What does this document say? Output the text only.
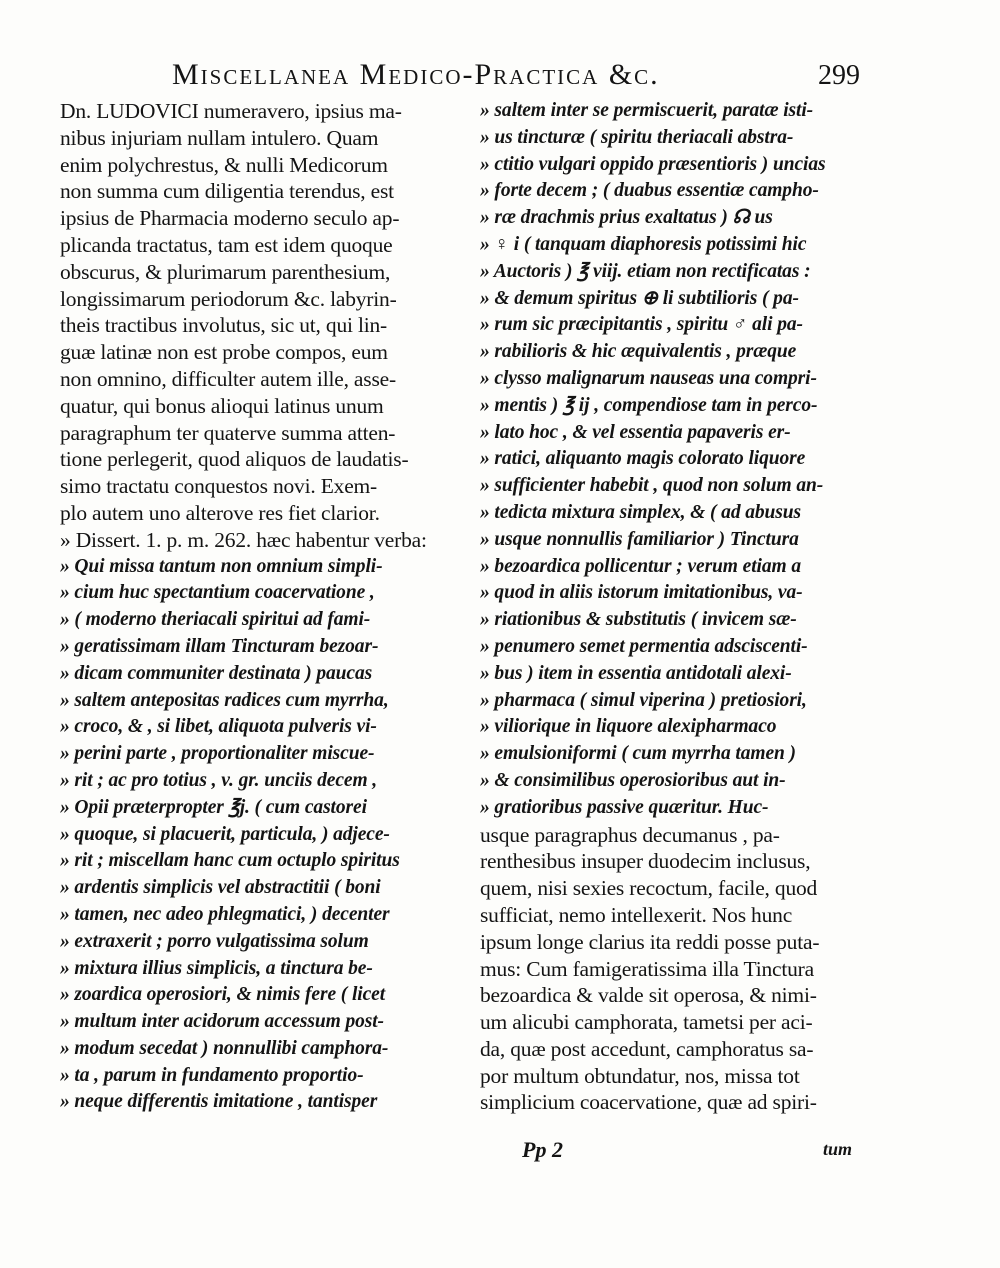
Miscellanea Medico-Practica &c.	299
Dn. LUDOVICI numeravero, ipsius ma-
nibus injuriam nullam intulero. Quam
enim polychrestus, & nulli Medicorum
non summa cum diligentia terendus, est
ipsius de Pharmacia moderno seculo ap-
plicanda tractatus, tam est idem quoque
obscurus, & plurimarum parenthesium,
longissimarum periodorum &c. labyrin-
theis tractibus involutus, sic ut, qui lin-
guæ latinæ non est probe compos, eum
non omnino, difficulter autem ille, asse-
quatur, qui bonus alioqui latinus unum
paragraphum ter quaterve summa atten-
tione perlegerit, quod aliquos de laudatis-
simo tractatu conquestos novi. Exem-
plo autem uno alterove res fiet clarior.
» Dissert. 1. p. m. 262. hæc habentur verba:
» Qui missa tantum non omnium simpli-
» cium huc spectantium coacervatione ,
» ( moderno theriacali spiritui ad fami-
» geratissimam illam Tincturam bezoar-
» dicam communiter destinata ) paucas
» saltem antepositas radices cum myrrha,
» croco, & , si libet, aliquota pulveris vi-
» perini parte , proportionaliter miscue-
» rit ; ac pro totius , v. gr. unciis decem ,
» Opii præterpropter ℥j. ( cum castorei
» quoque, si placuerit, particula, ) adjece-
» rit ; miscellam hanc cum octuplo spiritus
» ardentis simplicis vel abstractitii ( boni
» tamen, nec adeo phlegmatici, ) decenter
» extraxerit ; porro vulgatissima solum
» mixtura illius simplicis, a tinctura be-
» zoardica operosiori, & nimis fere ( licet
» multum inter acidorum accessum post-
» modum secedat ) nonnullibi camphora-
» ta , parum in fundamento proportio-
» neque differentis imitatione , tantisper
» saltem inter se permiscuerit, paratæ isti-
» us tincturæ ( spiritu theriacali abstra-
» ctitio vulgari oppido præsentioris ) uncias
» forte decem ; ( duabus essentiæ campho-
» ræ drachmis prius exaltatus ) ☊ us
» ♀ i ( tanquam diaphoresis potissimi hic
» Auctoris ) ℥ viij. etiam non rectificatas :
» & demum spiritus ⊕ li subtilioris ( pa-
» rum sic præcipitantis , spiritu ♂ ali pa-
» rabilioris & hic æquivalentis , præque
» clysso malignarum nauseas una compri-
» mentis ) ℥ ij , compendiose tam in perco-
» lato hoc , & vel essentia papaveris er-
» ratici, aliquanto magis colorato liquore
» sufficienter habebit , quod non solum an-
» tedicta mixtura simplex, & ( ad abusus
» usque nonnullis familiarior ) Tinctura
» bezoardica pollicentur ; verum etiam a
» quod in aliis istorum imitationibus, va-
» riationibus & substitutis ( invicem sæ-
» penumero semet permentia adsciscenti-
» bus ) item in essentia antidotali alexi-
» pharmaca ( simul viperina ) pretiosiori,
» viliorique in liquore alexipharmaco
» emulsioniformi ( cum myrrha tamen )
» & consimilibus operosioribus aut in-
» gratioribus passive quæritur. Huc-
usque paragraphus decumanus , pa-
renthesibus insuper duodecim inclusus,
quem, nisi sexies recoctum, facile, quod
sufficiat, nemo intellexerit. Nos hunc
ipsum longe clarius ita reddi posse puta-
mus: Cum famigeratissima illa Tinctura
bezoardica & valde sit operosa, & nimi-
um alicubi camphorata, tametsi per aci-
da, quæ post accedunt, camphoratus sa-
por multum obtundatur, nos, missa tot
simplicium coacervatione, quæ ad spiri-
Pp 2	tum
